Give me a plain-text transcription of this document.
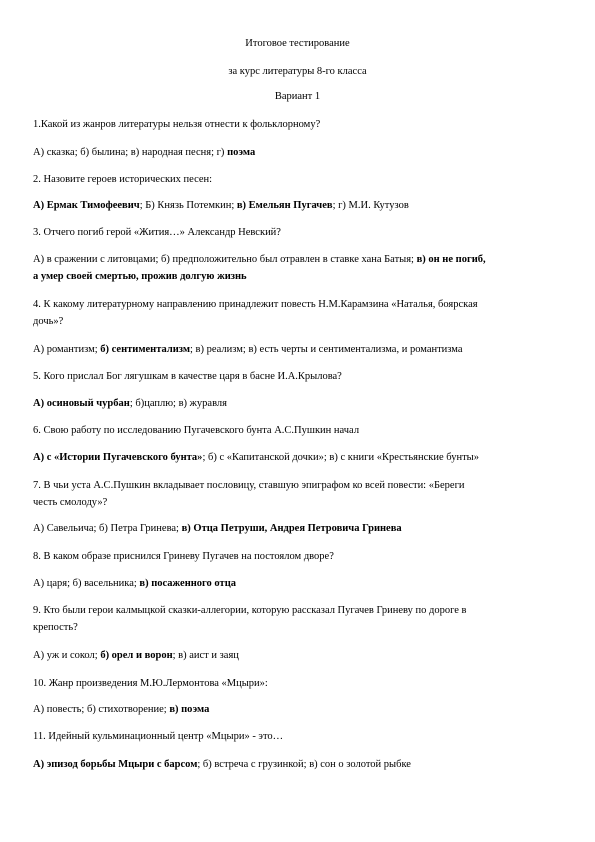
Итоговое тестирование
за курс литературы 8-го класса
Вариант 1
1.Какой из жанров литературы нельзя отнести к фольклорному?
А) сказка; б) былина; в) народная песня; г) поэма
2. Назовите героев исторических песен:
А) Ермак Тимофеевич; Б) Князь Потемкин; в) Емельян Пугачев; г) М.И. Кутузов
3. Отчего погиб герой «Жития…» Александр Невский?
А) в сражении с литовцами; б) предположительно был отравлен в ставке хана Батыя; в) он не погиб,
а умер своей смертью, прожив долгую жизнь
4. К какому литературному направлению принадлежит повесть Н.М.Карамзина «Наталья, боярская
дочь»?
А) романтизм; б) сентиментализм; в) реализм; в) есть черты и сентиментализма, и романтизма
5. Кого прислал Бог лягушкам в качестве царя в басне И.А.Крылова?
А) осиновый чурбан; б)цаплю; в) журавля
6. Свою работу по исследованию Пугачевского бунта А.С.Пушкин начал
А) с «Истории Пугачевского бунта»; б) с «Капитанской дочки»; в) с книги «Крестьянские бунты»
7. В чьи уста А.С.Пушкин вкладывает пословицу, ставшую эпиграфом ко всей повести: «Береги
честь смолоду»?
А) Савельича; б) Петра Гринева; в) Отца Петруши, Андрея Петровича Гринева
8. В каком образе приснился Гриневу Пугачев на постоялом дворе?
А) царя; б) васельника; в) посаженного отца
9. Кто были герои калмыцкой сказки-аллегории, которую рассказал Пугачев Гриневу по дороге в
крепость?
А) уж и сокол; б) орел и ворон; в) аист и заяц
10. Жанр произведения М.Ю.Лермонтова «Мцыри»:
А) повесть; б) стихотворение; в) поэма
11. Идейный кульминационный центр «Мцыри» - это…
А) эпизод борьбы Мцыри с барсом; б) встреча с грузинкой; в) сон о золотой рыбке
